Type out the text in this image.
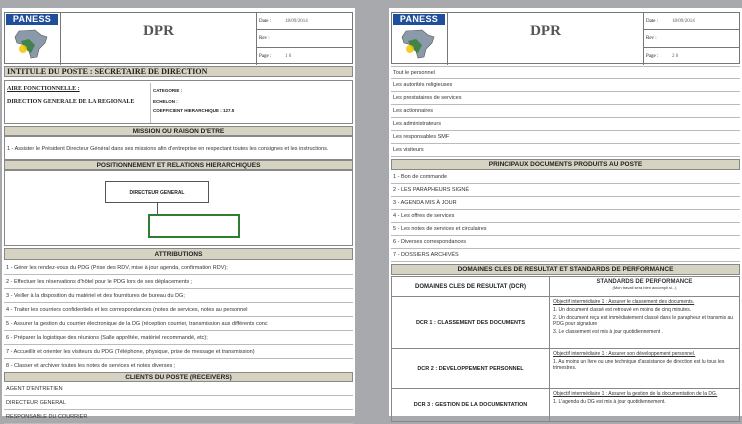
PANESS
DPR
Date :	18/09/2014
Rev :
Page :	1 6
INTITULE DU POSTE : SECRETAIRE DE DIRECTION
AIRE FONCTIONNELLE :
DIRECTION GENERALE DE LA REGIONALE
CATEGORIE :
ECHELON :
COEFFICIENT HIERARCHIQUE : 127.5
MISSION OU RAISON D'ETRE
1 - Assister le Président Directeur Général dans ses missions afin d'entreprise en respectant toutes les consignes et les instructions.
POSITIONNEMENT ET RELATIONS HIERARCHIQUES
DIRECTEUR GENERAL
ATTRIBUTIONS
1 - Gérer les rendez-vous du PDG (Prise des RDV, mise à jour agenda, confirmation RDV);
2 - Effectuer les réservations d'hôtel pour le PDG lors de ses déplacements ;
3 - Veiller à la disposition du matériel et des fournitures de bureau du DG;
4 - Traiter les courriers confidentiels et les correspondances (notes de services, notes au personnel
5 - Assurer la gestion du courrier électronique de la DG (réception courrier, transmission aux différents conc
6 - Préparer la logistique des réunions (Salle apprêtée, matériel recommandé, etc);
7 - Accueillir et orienter les visiteurs du PDG (Téléphone, physique, prise de message et transmission)
8 - Classer et archiver toutes les notes de services et notes diverses ;
CLIENTS DU POSTE (RECEIVERS)
AGENT D'ENTRETIEN
DIRECTEUR GENERAL
RESPONSABLE DU COURRIER
PANESS
DPR
Date :	18/09/2014
Rev :
Page :	2 6
Tout le personnel
Les autorités religieuses
Les prestataires de services
Les actionnaires
Les administrateurs
Les responsables SMF
Les visiteurs
PRINCIPAUX DOCUMENTS PRODUITS AU POSTE
1 - Bon de commande
2 - LES PARAPHEURS SIGNÉ
3 - AGENDA MIS À JOUR
4 - Les offres de services
5 - Les notes de services et circulaires
6 - Diverses correspondances
7 - DOSSIERS ARCHIVÉS
DOMAINES CLES DE RESULTAT ET STANDARDS DE PERFORMANCE
DOMAINES CLES DE RESULTAT (DCR)
STANDARDS DE PERFORMANCE
(Mon travail sera bien accompli si...)
DCR 1 : CLASSEMENT DES DOCUMENTS
Objectif intermédiaire 1 : Assurer le classement des documents.
1. Un document classé est retrouvé en moins de cinq minutes.
2. Un document reçu est immédiatement classé dans le parapheur et transmis au PDG pour signature
3. Le classement est mis à jour quotidiennement .
DCR 2 : DEVELOPPEMENT PERSONNEL
Objectif intermédiaire 1 : Assurer son développement personnel.
1. Au moins un livre ou une technique d'assistance de direction est lu tous les trimestres.
DCR 3 : GESTION DE LA DOCUMENTATION
Objectif intermédiaire 1 : Assurer la gestion de la documentation de la DG.
1. L'agenda du DG est mis à jour quotidiennement.
